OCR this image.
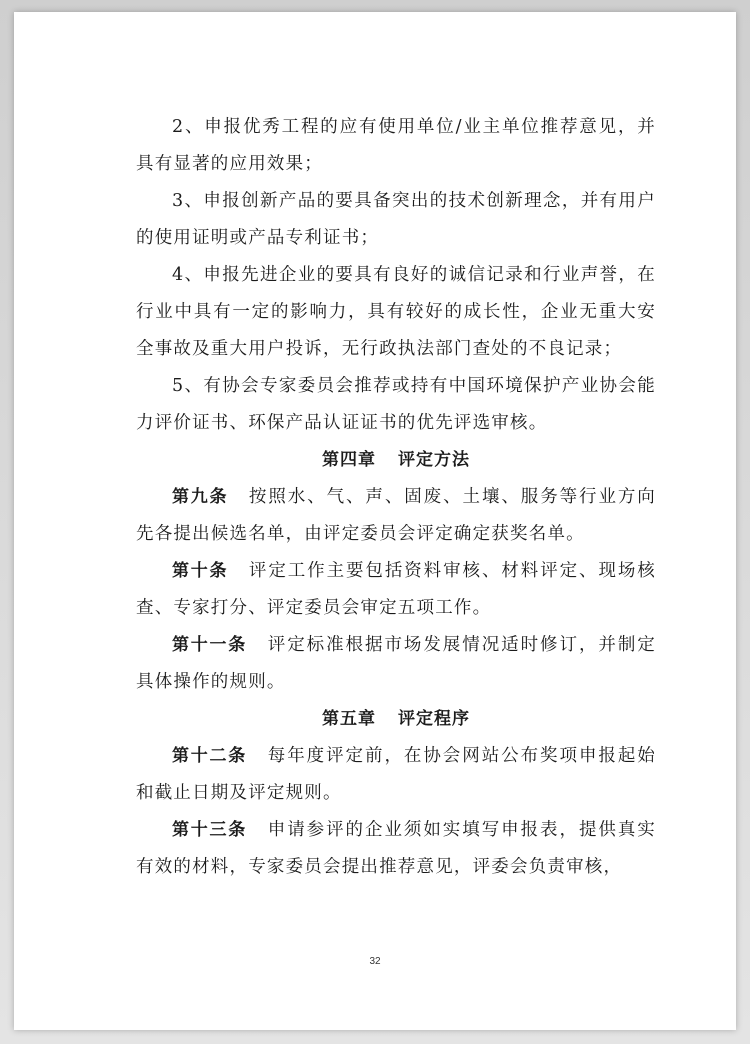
2、申报优秀工程的应有使用单位/业主单位推荐意见，并具有显著的应用效果；

3、申报创新产品的要具备突出的技术创新理念，并有用户的使用证明或产品专利证书；

4、申报先进企业的要具有良好的诚信记录和行业声誉，在行业中具有一定的影响力，具有较好的成长性，企业无重大安全事故及重大用户投诉，无行政执法部门查处的不良记录；

5、有协会专家委员会推荐或持有中国环境保护产业协会能力评价证书、环保产品认证证书的优先评选审核。

第四章 评定方法

第九条 按照水、气、声、固废、土壤、服务等行业方向先各提出候选名单，由评定委员会评定确定获奖名单。

第十条 评定工作主要包括资料审核、材料评定、现场核查、专家打分、评定委员会审定五项工作。

第十一条 评定标准根据市场发展情况适时修订，并制定具体操作的规则。

第五章 评定程序

第十二条 每年度评定前，在协会网站公布奖项申报起始和截止日期及评定规则。

第十三条 申请参评的企业须如实填写申报表，提供真实有效的材料，专家委员会提出推荐意见，评委会负责审核，

32
